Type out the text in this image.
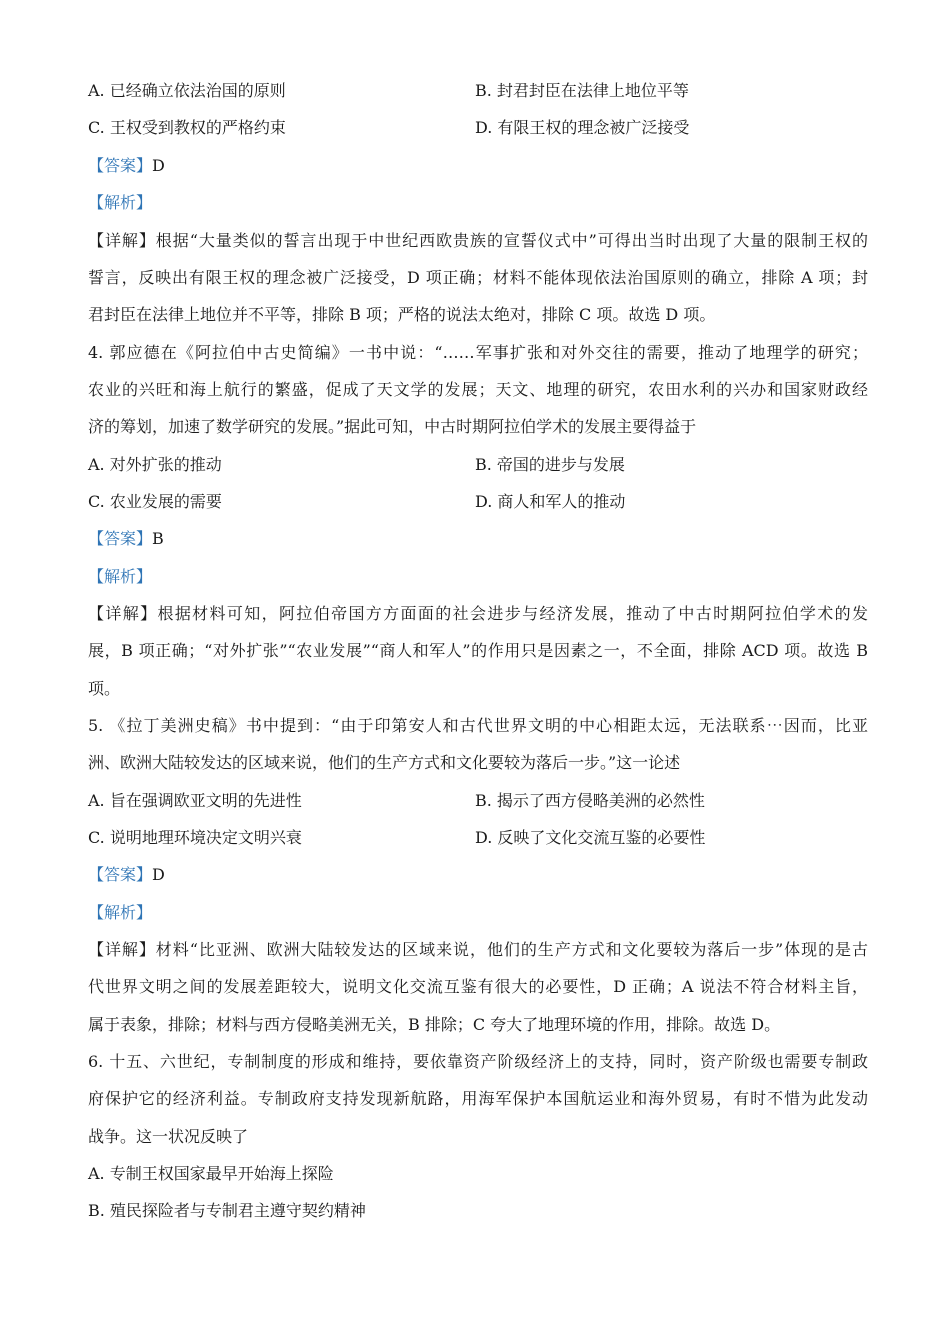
A. 已经确立依法治国的原则	B. 封君封臣在法律上地位平等
C. 王权受到教权的严格约束	D. 有限王权的理念被广泛接受
【答案】D
【解析】
【详解】根据“大量类似的誓言出现于中世纪西欧贵族的宣誓仪式中”可得出当时出现了大量的限制王权的
誓言，反映出有限王权的理念被广泛接受，D 项正确；材料不能体现依法治国原则的确立，排除 A 项；封
君封臣在法律上地位并不平等，排除 B 项；严格的说法太绝对，排除 C 项。故选 D 项。
4. 郭应德在《阿拉伯中古史简编》一书中说：“……军事扩张和对外交往的需要，推动了地理学的研究；
农业的兴旺和海上航行的繁盛，促成了天文学的发展；天文、地理的研究，农田水利的兴办和国家财政经
济的筹划，加速了数学研究的发展。”据此可知，中古时期阿拉伯学术的发展主要得益于
A. 对外扩张的推动	B. 帝国的进步与发展
C. 农业发展的需要	D. 商人和军人的推动
【答案】B
【解析】
【详解】根据材料可知，阿拉伯帝国方方面面的社会进步与经济发展，推动了中古时期阿拉伯学术的发
展，B 项正确；“对外扩张”“农业发展”“商人和军人”的作用只是因素之一，不全面，排除 ACD 项。故选 B
项。
5. 《拉丁美洲史稿》书中提到：“由于印第安人和古代世界文明的中心相距太远，无法联系⋯因而，比亚
洲、欧洲大陆较发达的区域来说，他们的生产方式和文化要较为落后一步。”这一论述
A. 旨在强调欧亚文明的先进性	B. 揭示了西方侵略美洲的必然性
C. 说明地理环境决定文明兴衰	D. 反映了文化交流互鉴的必要性
【答案】D
【解析】
【详解】材料“比亚洲、欧洲大陆较发达的区域来说，他们的生产方式和文化要较为落后一步”体现的是古
代世界文明之间的发展差距较大，说明文化交流互鉴有很大的必要性，D 正确；A 说法不符合材料主旨，
属于表象，排除；材料与西方侵略美洲无关，B 排除；C 夸大了地理环境的作用，排除。故选 D。
6. 十五、六世纪，专制制度的形成和维持，要依靠资产阶级经济上的支持，同时，资产阶级也需要专制政
府保护它的经济利益。专制政府支持发现新航路，用海军保护本国航运业和海外贸易，有时不惜为此发动
战争。这一状况反映了
A. 专制王权国家最早开始海上探险
B. 殖民探险者与专制君主遵守契约精神
